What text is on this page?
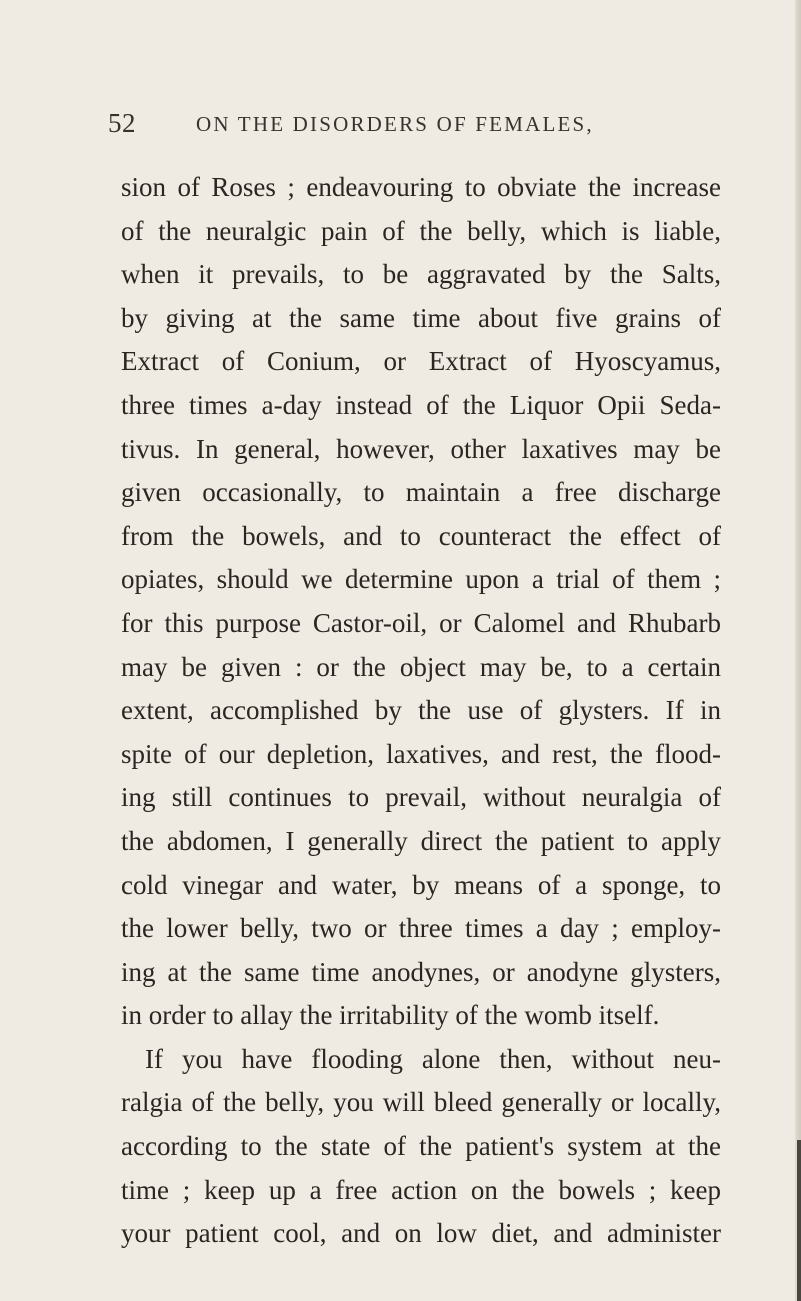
52	ON THE DISORDERS OF FEMALES,
sion of Roses ; endeavouring to obviate the increase
of the neuralgic pain of the belly, which is liable,
when it prevails, to be aggravated by the Salts,
by giving at the same time about five grains of
Extract of Conium, or Extract of Hyoscyamus,
three times a-day instead of the Liquor Opii Seda-
tivus. In general, however, other laxatives may be
given occasionally, to maintain a free discharge
from the bowels, and to counteract the effect of
opiates, should we determine upon a trial of them ;
for this purpose Castor-oil, or Calomel and Rhubarb
may be given : or the object may be, to a certain
extent, accomplished by the use of glysters. If in
spite of our depletion, laxatives, and rest, the flood-
ing still continues to prevail, without neuralgia of
the abdomen, I generally direct the patient to apply
cold vinegar and water, by means of a sponge, to
the lower belly, two or three times a day ; employ-
ing at the same time anodynes, or anodyne glysters,
in order to allay the irritability of the womb itself.
If you have flooding alone then, without neu-
ralgia of the belly, you will bleed generally or locally,
according to the state of the patient's system at the
time ; keep up a free action on the bowels ; keep
your patient cool, and on low diet, and administer
